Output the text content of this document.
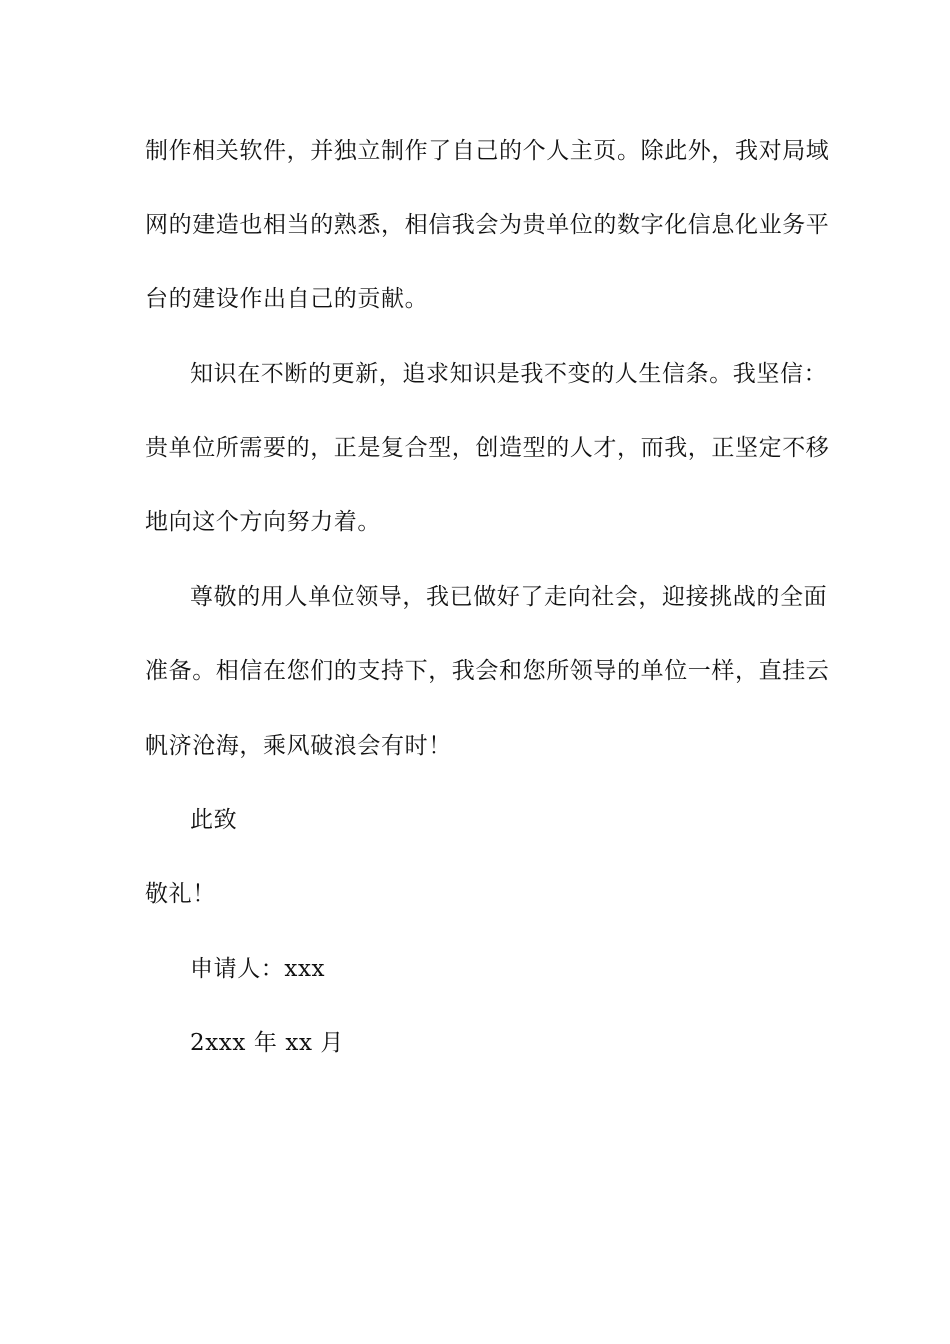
制作相关软件，并独立制作了自己的个人主页。除此外，我对局域
网的建造也相当的熟悉，相信我会为贵单位的数字化信息化业务平
台的建设作出自己的贡献。
知识在不断的更新，追求知识是我不变的人生信条。我坚信：
贵单位所需要的，正是复合型，创造型的人才，而我，正坚定不移
地向这个方向努力着。
尊敬的用人单位领导，我已做好了走向社会，迎接挑战的全面
准备。相信在您们的支持下，我会和您所领导的单位一样，直挂云
帆济沧海，乘风破浪会有时！
此致
敬礼！
申请人：xxx
2xxx 年 xx 月
